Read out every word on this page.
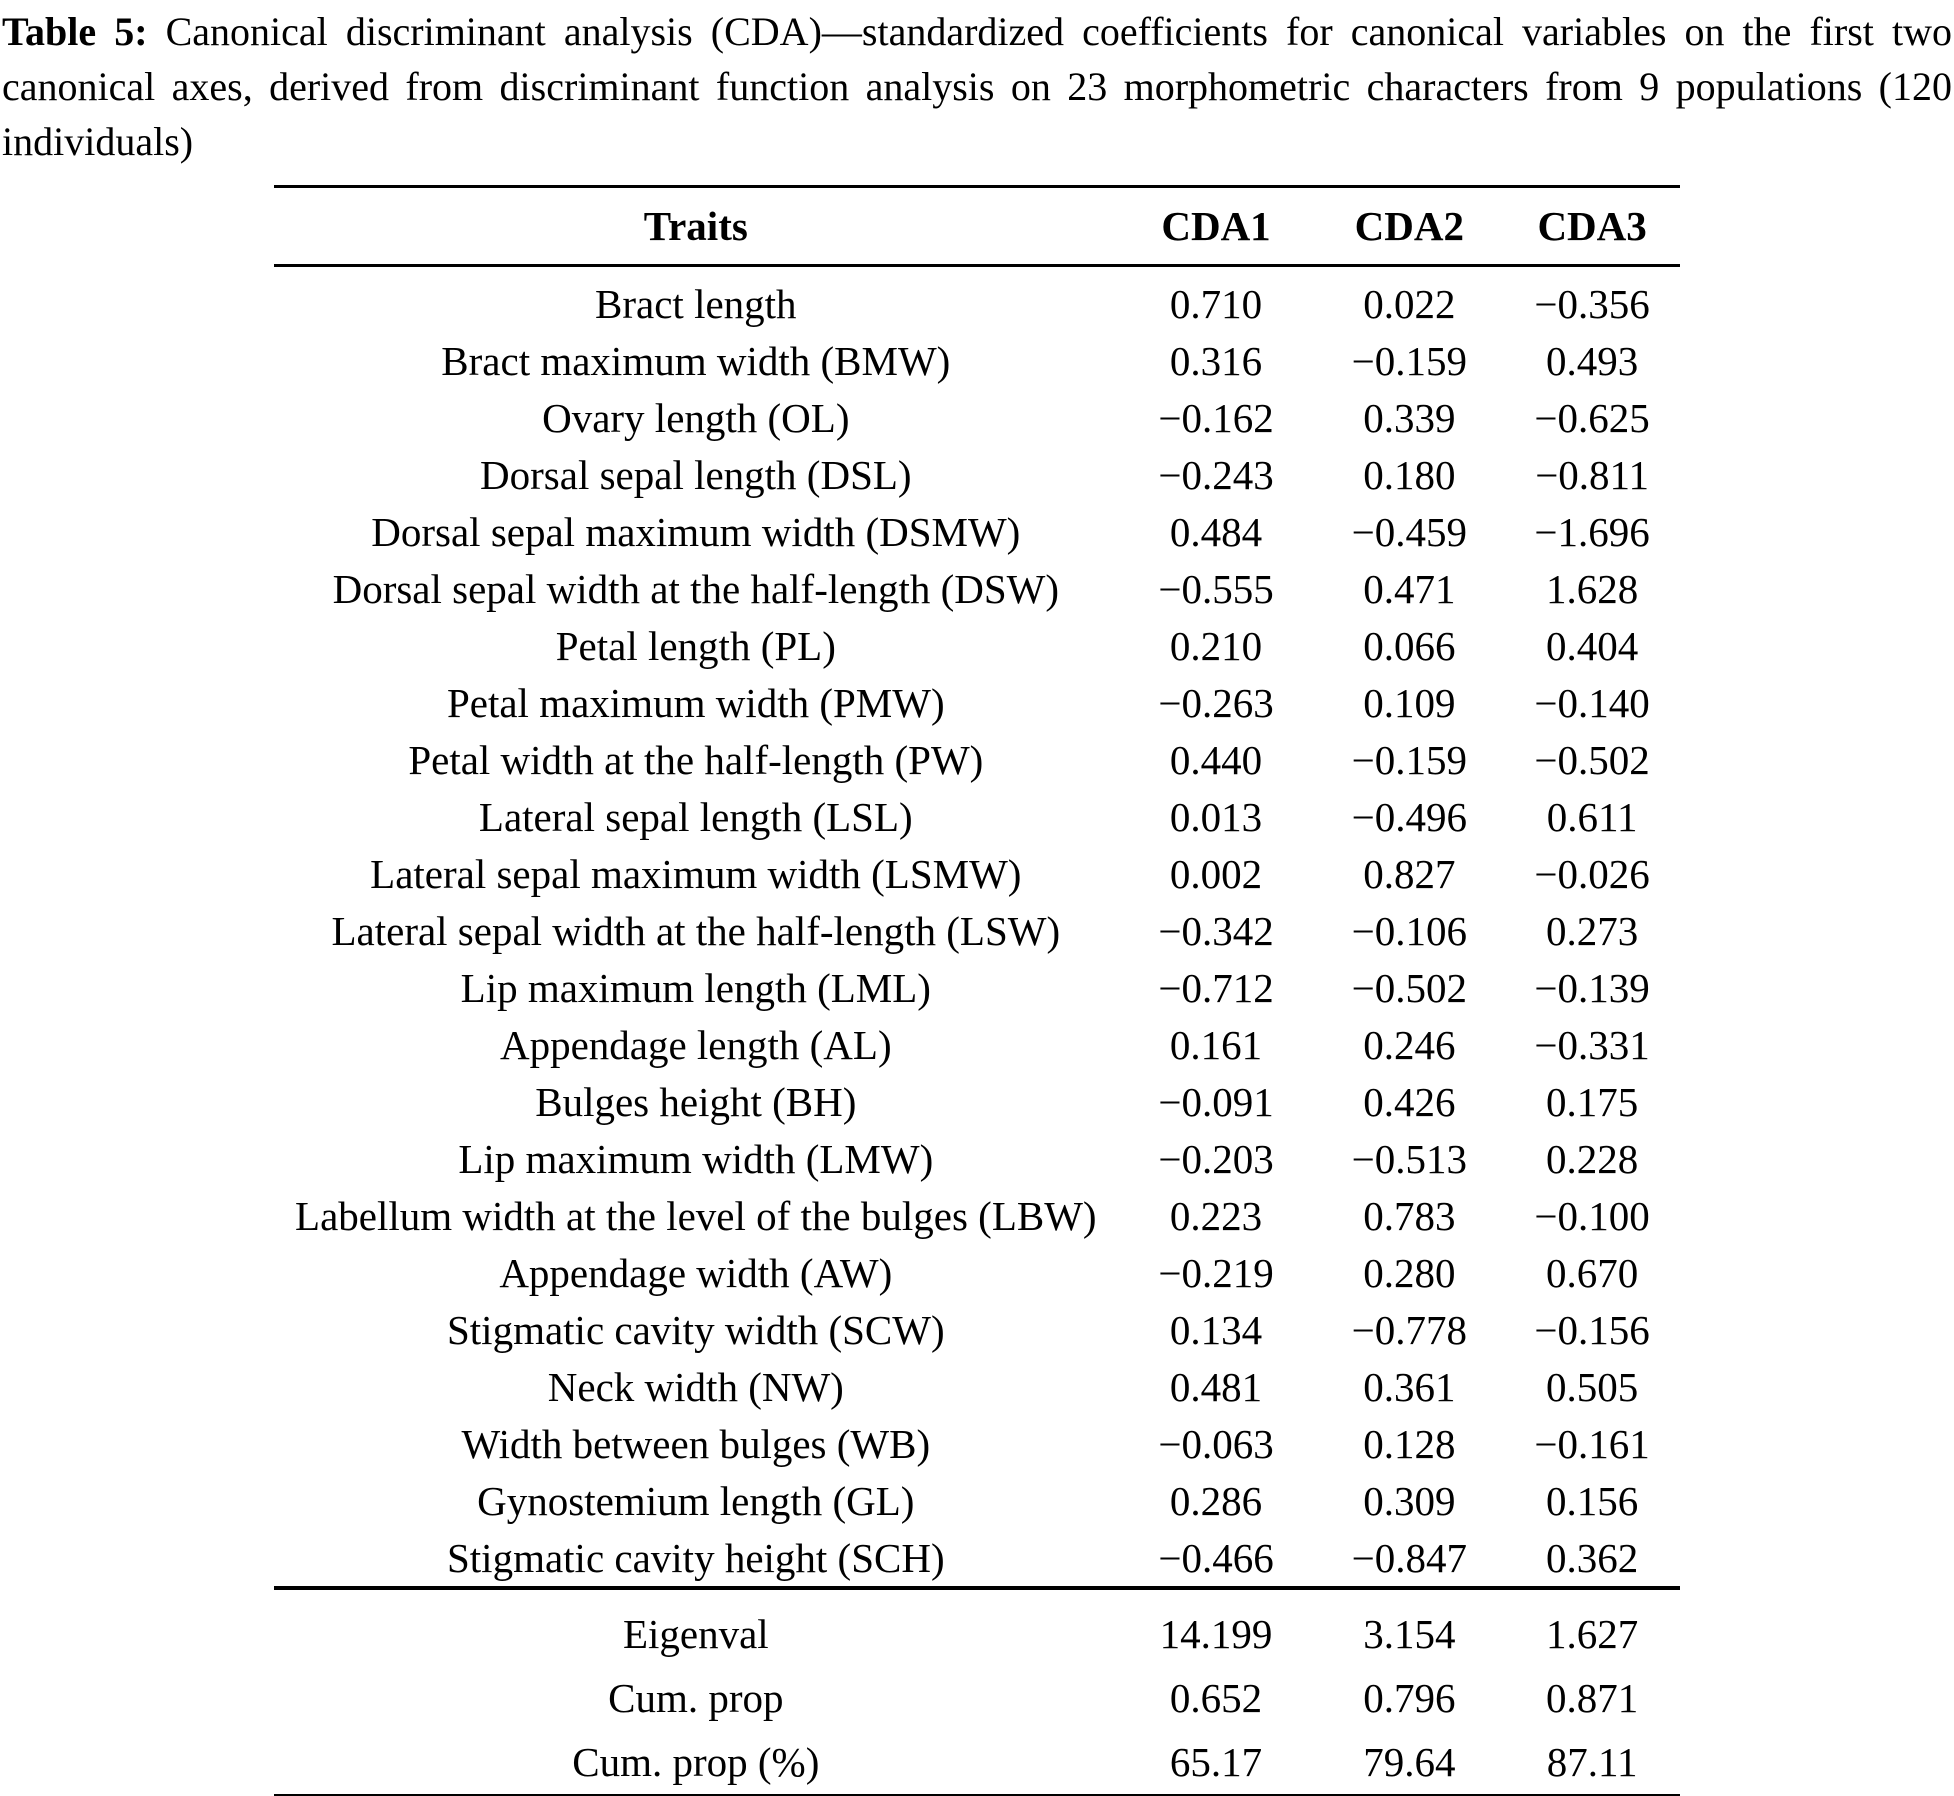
Table 5: Canonical discriminant analysis (CDA)—standardized coefficients for canonical variables on the first two canonical axes, derived from discriminant function analysis on 23 morphometric characters from 9 populations (120 individuals)

Traits	CDA1	CDA2	CDA3
Bract length	0.710	0.022	−0.356
Bract maximum width (BMW)	0.316	−0.159	0.493
Ovary length (OL)	−0.162	0.339	−0.625
Dorsal sepal length (DSL)	−0.243	0.180	−0.811
Dorsal sepal maximum width (DSMW)	0.484	−0.459	−1.696
Dorsal sepal width at the half-length (DSW)	−0.555	0.471	1.628
Petal length (PL)	0.210	0.066	0.404
Petal maximum width (PMW)	−0.263	0.109	−0.140
Petal width at the half-length (PW)	0.440	−0.159	−0.502
Lateral sepal length (LSL)	0.013	−0.496	0.611
Lateral sepal maximum width (LSMW)	0.002	0.827	−0.026
Lateral sepal width at the half-length (LSW)	−0.342	−0.106	0.273
Lip maximum length (LML)	−0.712	−0.502	−0.139
Appendage length (AL)	0.161	0.246	−0.331
Bulges height (BH)	−0.091	0.426	0.175
Lip maximum width (LMW)	−0.203	−0.513	0.228
Labellum width at the level of the bulges (LBW)	0.223	0.783	−0.100
Appendage width (AW)	−0.219	0.280	0.670
Stigmatic cavity width (SCW)	0.134	−0.778	−0.156
Neck width (NW)	0.481	0.361	0.505
Width between bulges (WB)	−0.063	0.128	−0.161
Gynostemium length (GL)	0.286	0.309	0.156
Stigmatic cavity height (SCH)	−0.466	−0.847	0.362
Eigenval	14.199	3.154	1.627
Cum. prop	0.652	0.796	0.871
Cum. prop (%)	65.17	79.64	87.11
